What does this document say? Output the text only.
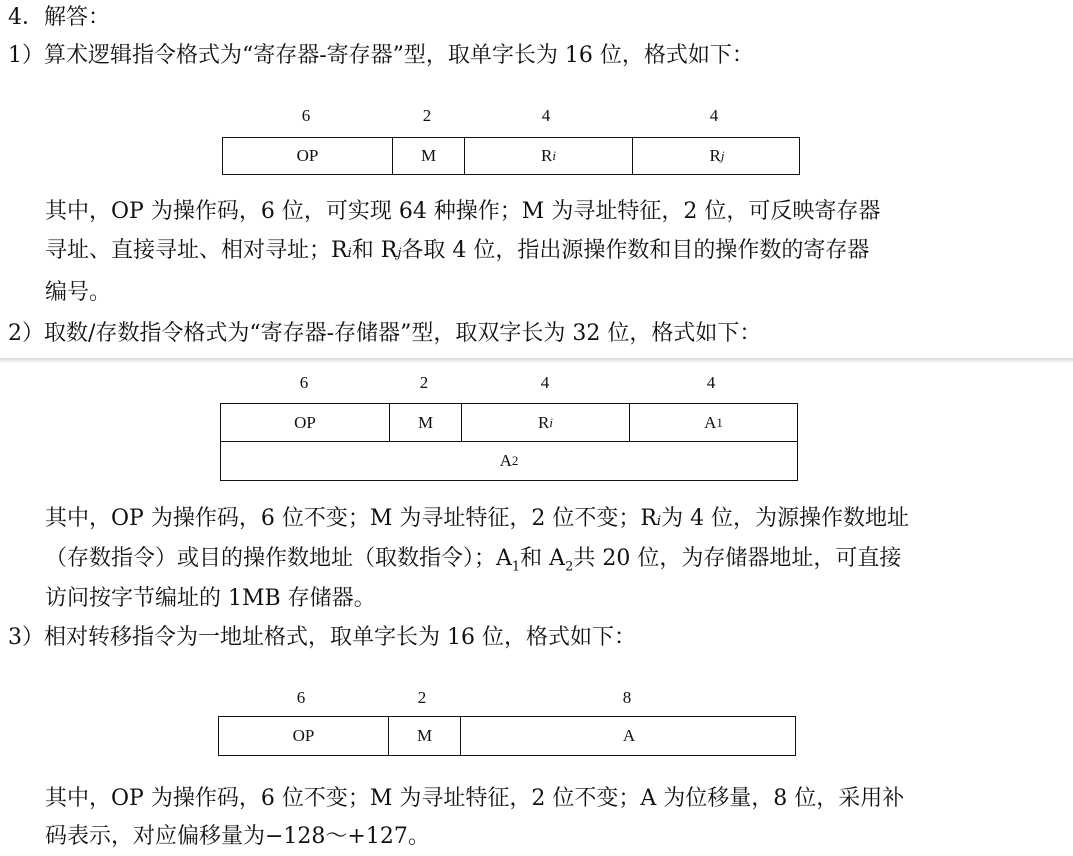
4．解答：
1）算术逻辑指令格式为“寄存器-寄存器”型，取单字长为 16 位，格式如下：
6	2	4	4
OP	M	R i	R j
其中，OP 为操作码，6 位，可实现 64 种操作；M 为寻址特征，2 位，可反映寄存器
寻址、直接寻址、相对寻址；Ri和 Rj各取 4 位，指出源操作数和目的操作数的寄存器
编号。
2）取数/存数指令格式为“寄存器-存储器”型，取双字长为 32 位，格式如下：
6	2	4	4
OP	M	R i	A 1
A 2
其中，OP 为操作码，6 位不变；M 为寻址特征，2 位不变；Ri为 4 位，为源操作数地址
（存数指令）或目的操作数地址（取数指令）；$A_1$和 $A_2$共 20 位，为存储器地址，可直接
访问按字节编址的 1MB 存储器。
3）相对转移指令为一地址格式，取单字长为 16 位，格式如下：
6	2	8
OP	M	A
其中，OP 为操作码，6 位不变；M 为寻址特征，2 位不变；A 为位移量，8 位，采用补
码表示，对应偏移量为−128～+127。
